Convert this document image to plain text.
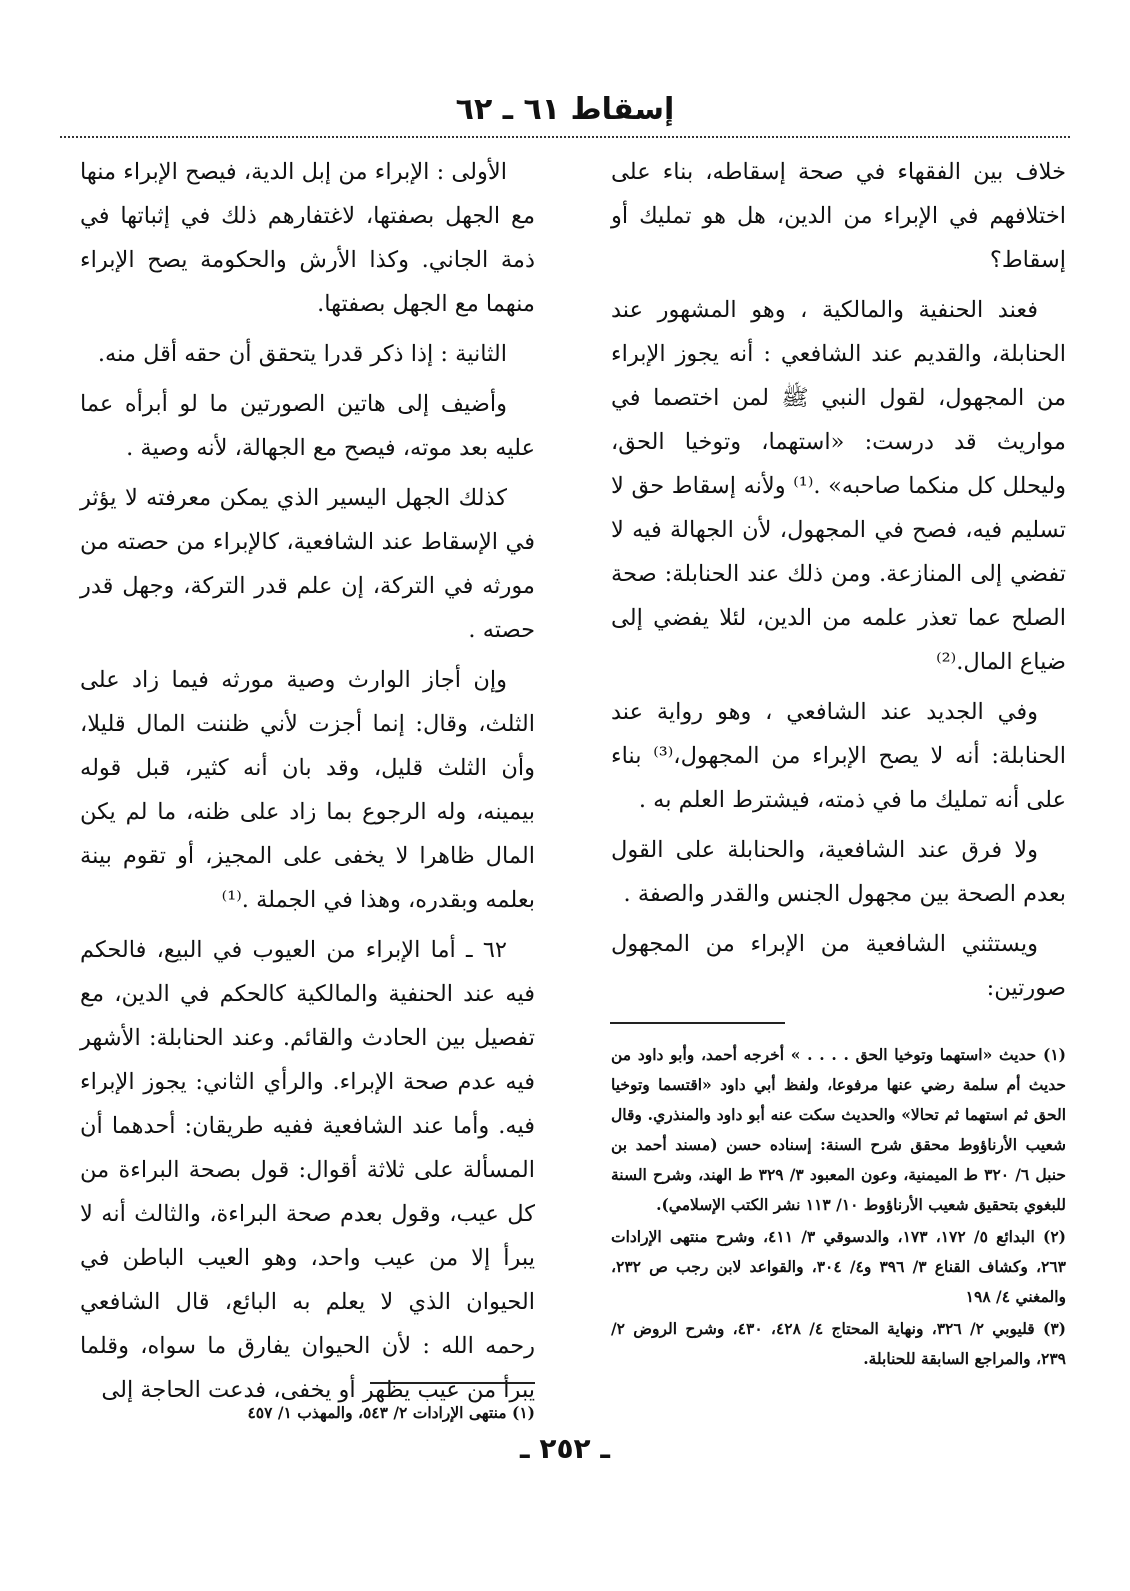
إسقاط ٦١ ـ ٦٢

خلاف بين الفقهاء في صحة إسقاطه، بناء على اختلافهم في الإبراء من الدين، هل هو تمليك أو إسقاط؟

فعند الحنفية والمالكية ، وهو المشهور عند الحنابلة، والقديم عند الشافعي : أنه يجوز الإبراء من المجهول، لقول النبي ﷺ لمن اختصما في مواريث قد درست: «استهما، وتوخيا الحق، وليحلل كل منكما صاحبه» .⁽¹⁾ ولأنه إسقاط حق لا تسليم فيه، فصح في المجهول، لأن الجهالة فيه لا تفضي إلى المنازعة. ومن ذلك عند الحنابلة: صحة الصلح عما تعذر علمه من الدين، لئلا يفضي إلى ضياع المال.⁽²⁾

وفي الجديد عند الشافعي ، وهو رواية عند الحنابلة: أنه لا يصح الإبراء من المجهول،⁽³⁾ بناء على أنه تمليك ما في ذمته، فيشترط العلم به .

ولا فرق عند الشافعية، والحنابلة على القول بعدم الصحة بين مجهول الجنس والقدر والصفة .

ويستثني الشافعية من الإبراء من المجهول صورتين:

الأولى : الإبراء من إبل الدية، فيصح الإبراء منها مع الجهل بصفتها، لاغتفارهم ذلك في إثباتها في ذمة الجاني. وكذا الأرش والحكومة يصح الإبراء منهما مع الجهل بصفتها.

الثانية : إذا ذكر قدرا يتحقق أن حقه أقل منه.

وأضيف إلى هاتين الصورتين ما لو أبرأه عما عليه بعد موته، فيصح مع الجهالة، لأنه وصية .

كذلك الجهل اليسير الذي يمكن معرفته لا يؤثر في الإسقاط عند الشافعية، كالإبراء من حصته من مورثه في التركة، إن علم قدر التركة، وجهل قدر حصته .

وإن أجاز الوارث وصية مورثه فيما زاد على الثلث، وقال: إنما أجزت لأني ظننت المال قليلا، وأن الثلث قليل، وقد بان أنه كثير، قبل قوله بيمينه، وله الرجوع بما زاد على ظنه، ما لم يكن المال ظاهرا لا يخفى على المجيز، أو تقوم بينة بعلمه وبقدره، وهذا في الجملة .⁽¹⁾

٦٢ ـ أما الإبراء من العيوب في البيع، فالحكم فيه عند الحنفية والمالكية كالحكم في الدين، مع تفصيل بين الحادث والقائم. وعند الحنابلة: الأشهر فيه عدم صحة الإبراء. والرأي الثاني: يجوز الإبراء فيه. وأما عند الشافعية ففيه طريقان: أحدهما أن المسألة على ثلاثة أقوال: قول بصحة البراءة من كل عيب، وقول بعدم صحة البراءة، والثالث أنه لا يبرأ إلا من عيب واحد، وهو العيب الباطن في الحيوان الذي لا يعلم به البائع، قال الشافعي رحمه الله : لأن الحيوان يفارق ما سواه، وقلما يبرأ من عيب يظهر أو يخفى، فدعت الحاجة إلى

(١) حديث «استهما وتوخيا الحق . . . . » أخرجه أحمد، وأبو داود من حديث أم سلمة رضي عنها مرفوعا، ولفظ أبي داود «اقتسما وتوخيا الحق ثم استهما ثم تحالا» والحديث سكت عنه أبو داود والمنذري. وقال شعيب الأرناؤوط محقق شرح السنة: إسناده حسن (مسند أحمد بن حنبل ٦/ ٣٢٠ ط الميمنية، وعون المعبود ٣/ ٣٢٩ ط الهند، وشرح السنة للبغوي بتحقيق شعيب الأرناؤوط ١٠/ ١١٣ نشر الكتب الإسلامي).

(٢) البدائع ٥/ ١٧٢، ١٧٣، والدسوقي ٣/ ٤١١، وشرح منتهى الإرادات ٢٦٣، وكشاف القناع ٣/ ٣٩٦ و٤/ ٣٠٤، والقواعد لابن رجب ص ٢٣٢، والمغني ٤/ ١٩٨

(٣) قليوبي ٢/ ٣٢٦، ونهاية المحتاج ٤/ ٤٢٨، ٤٣٠، وشرح الروض ٢/ ٢٣٩، والمراجع السابقة للحنابلة.

(١) منتهى الإرادات ٢/ ٥٤٣، والمهذب ١/ ٤٥٧

ـ ٢٥٢ ـ
